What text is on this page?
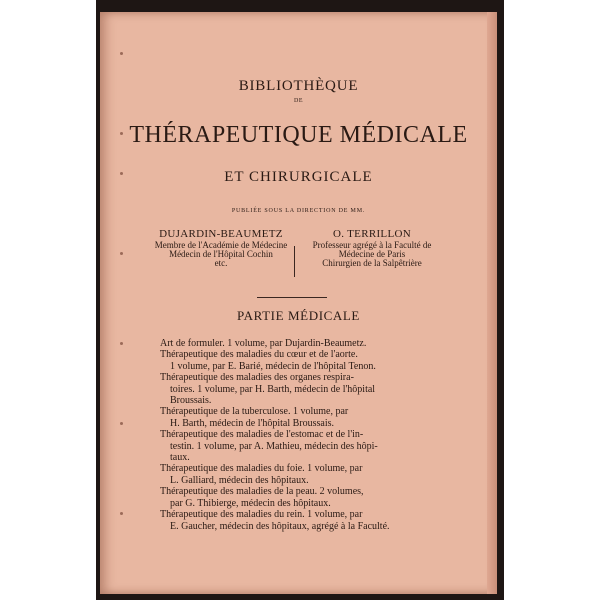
BIBLIOTHÈQUE
DE
THÉRAPEUTIQUE MÉDICALE
ET CHIRURGICALE
PUBLIÉE SOUS LA DIRECTION DE MM.
DUJARDIN-BEAUMETZ
Membre de l'Académie de Médecine
Médecin de l'Hôpital Cochin
etc.
O. TERRILLON
Professeur agrégé à la Faculté de
Médecine de Paris
Chirurgien de la Salpêtrière
PARTIE MÉDICALE
Art de formuler. 1 volume, par Dujardin-Beaumetz.
Thérapeutique des maladies du cœur et de l'aorte.
1 volume, par E. Barié, médecin de l'hôpital Tenon.
Thérapeutique des maladies des organes respira-
toires. 1 volume, par H. Barth, médecin de l'hôpital
Broussais.
Thérapeutique de la tuberculose. 1 volume, par
H. Barth, médecin de l'hôpital Broussais.
Thérapeutique des maladies de l'estomac et de l'in-
testin. 1 volume, par A. Mathieu, médecin des hôpi-
taux.
Thérapeutique des maladies du foie. 1 volume, par
L. Galliard, médecin des hôpitaux.
Thérapeutique des maladies de la peau. 2 volumes,
par G. Thibierge, médecin des hôpitaux.
Thérapeutique des maladies du rein. 1 volume, par
E. Gaucher, médecin des hôpitaux, agrégé à la Faculté.
